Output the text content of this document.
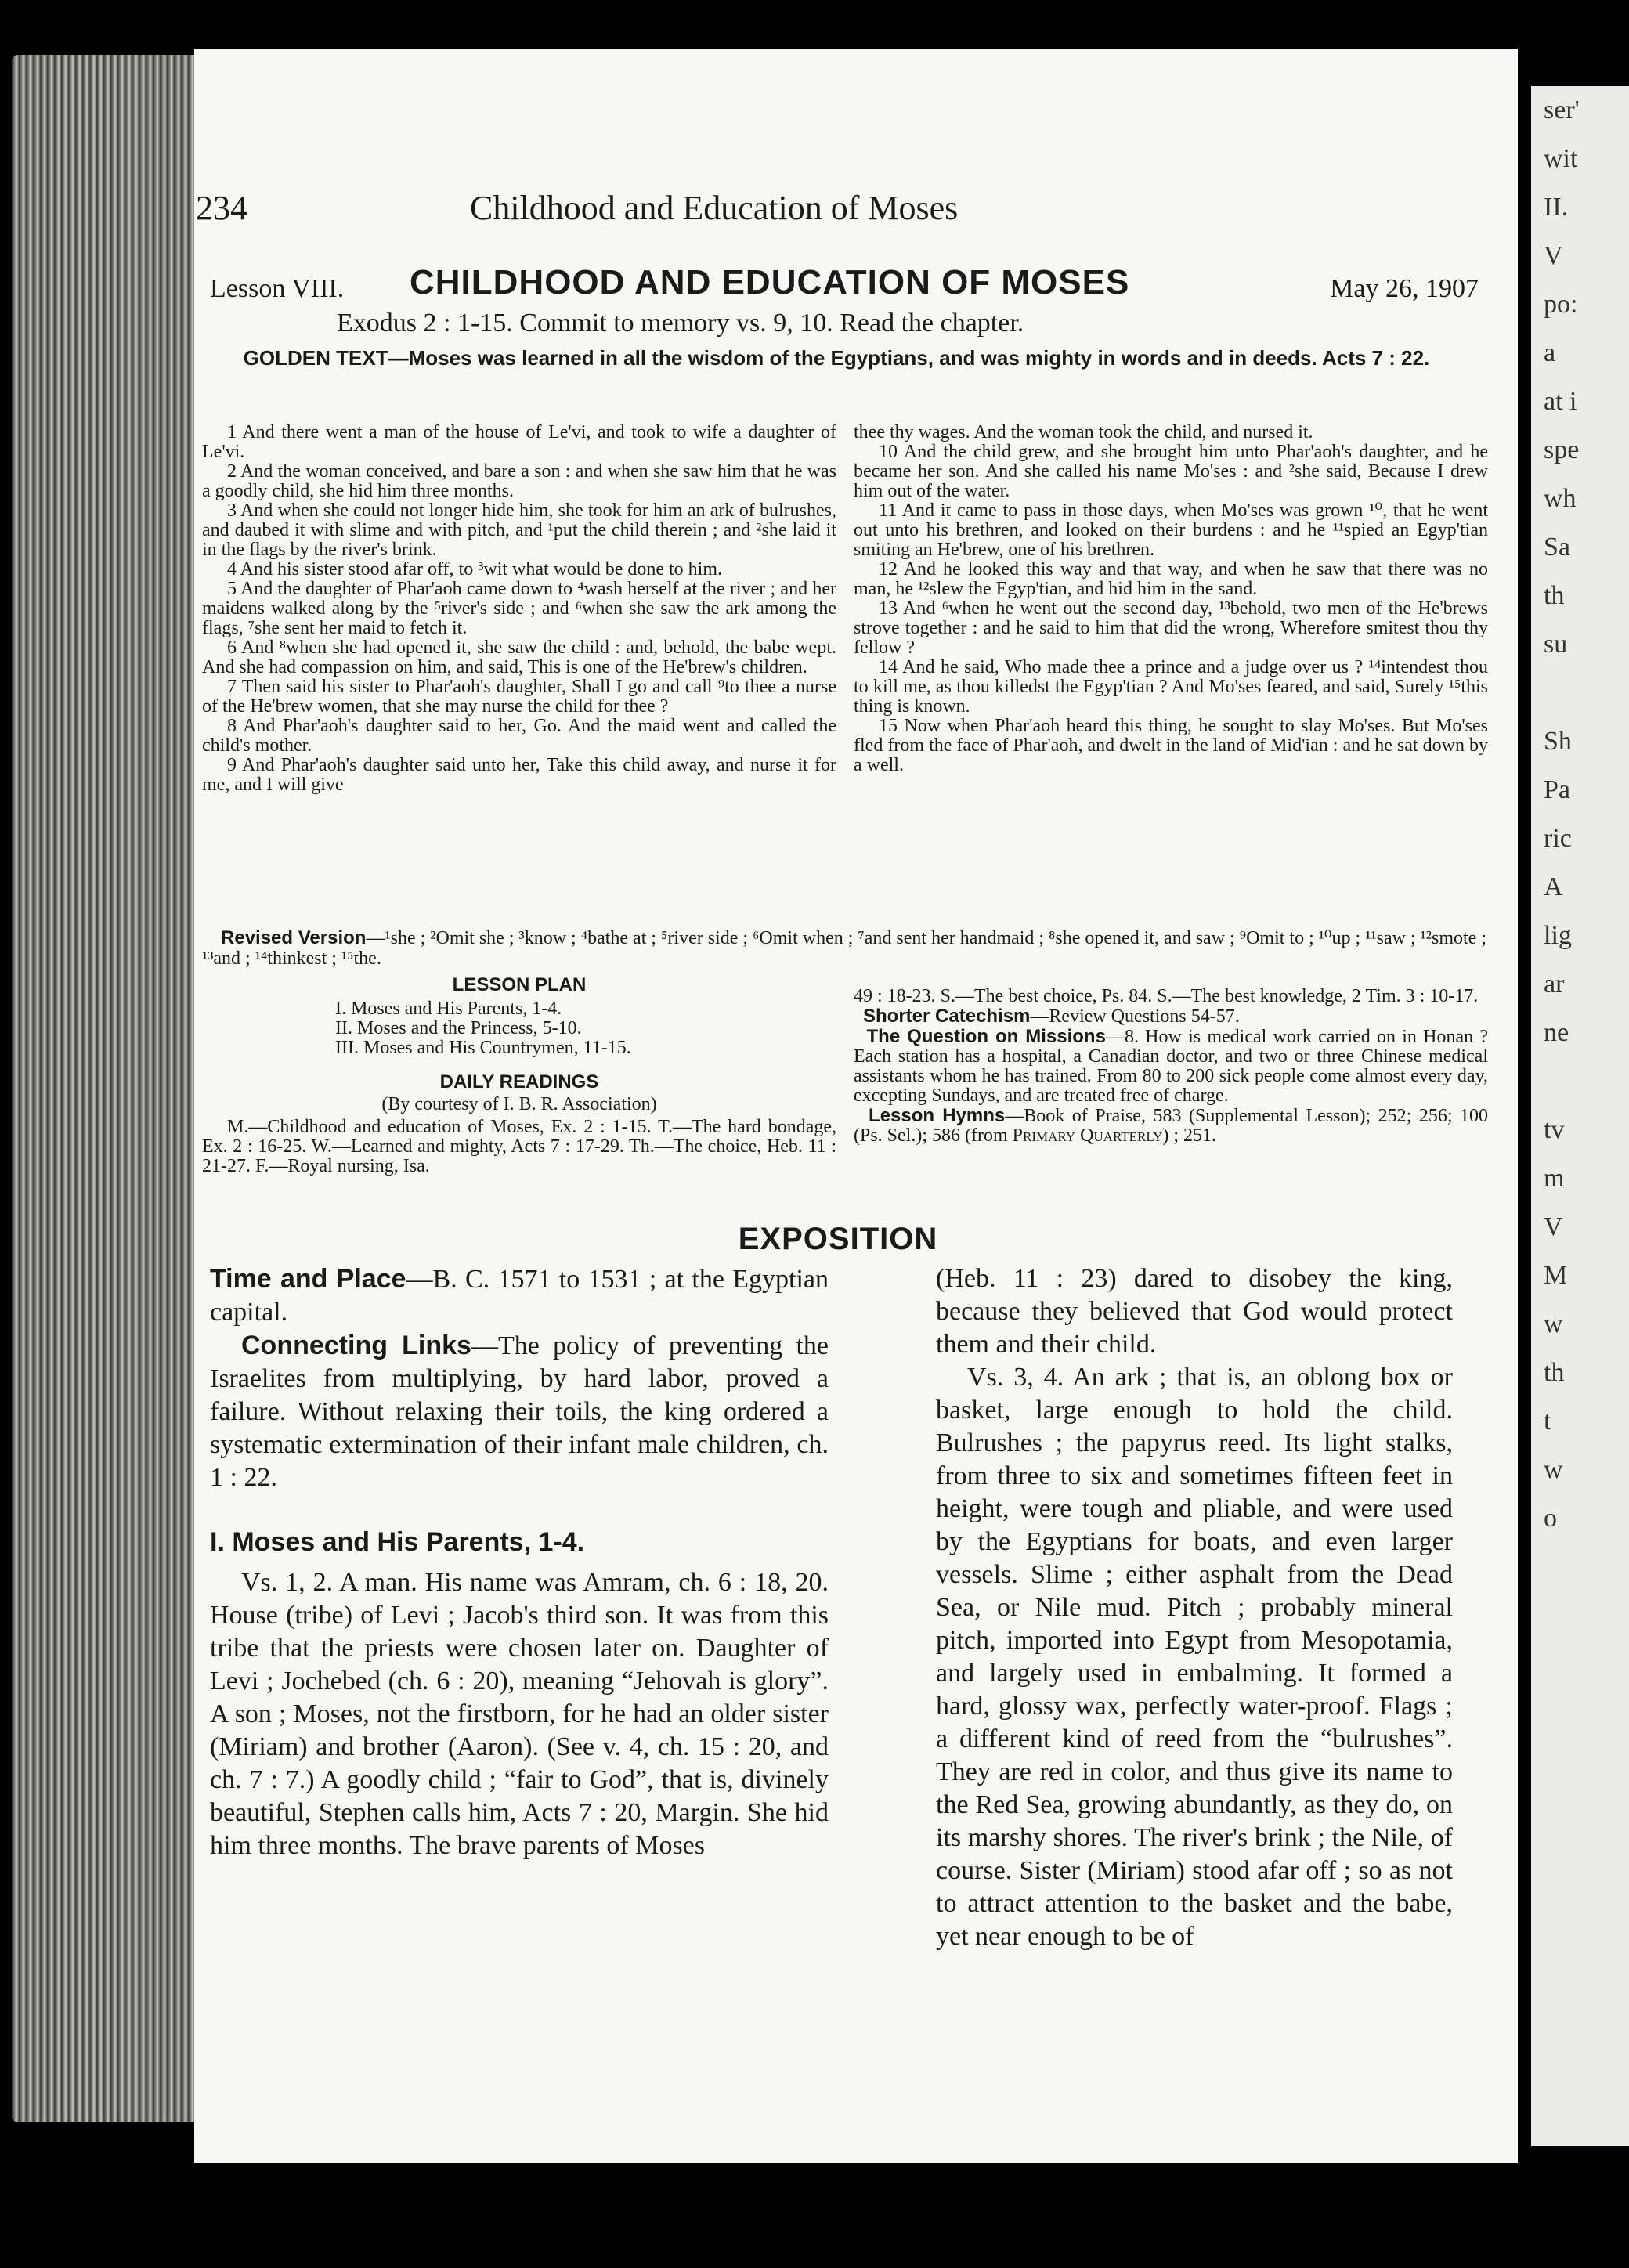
ser'
wit
II.
V
po:
a
at i
spe
wh
Sa
th
su

Sh
Pa
ric
A
lig
ar
ne

tv
m
V
M
w
th
t
w
o

234	Childhood and Education of Moses
Lesson VIII. CHILDHOOD AND EDUCATION OF MOSES	May 26, 1907
Exodus 2 : 1-15. Commit to memory vs. 9, 10. Read the chapter.
GOLDEN TEXT—Moses was learned in all the wisdom of the Egyptians, and was mighty in words and in deeds. Acts 7 : 22.

1 And there went a man of the house of Le'vi, and took to wife a daughter of Le'vi.

2 And the woman conceived, and bare a son : and when she saw him that he was a goodly child, she hid him three months.

3 And when she could not longer hide him, she took for him an ark of bulrushes, and daubed it with slime and with pitch, and ¹put the child therein ; and ²she laid it in the flags by the river's brink.

4 And his sister stood afar off, to ³wit what would be done to him.

5 And the daughter of Phar'aoh came down to ⁴wash herself at the river ; and her maidens walked along by the ⁵river's side ; and ⁶when she saw the ark among the flags, ⁷she sent her maid to fetch it.

6 And ⁸when she had opened it, she saw the child : and, behold, the babe wept. And she had compassion on him, and said, This is one of the He'brew's children.

7 Then said his sister to Phar'aoh's daughter, Shall I go and call ⁹to thee a nurse of the He'brew women, that she may nurse the child for thee ?

8 And Phar'aoh's daughter said to her, Go. And the maid went and called the child's mother.

9 And Phar'aoh's daughter said unto her, Take this child away, and nurse it for me, and I will give

thee thy wages. And the woman took the child, and nursed it.

10 And the child grew, and she brought him unto Phar'aoh's daughter, and he became her son. And she called his name Mo'ses : and ²she said, Because I drew him out of the water.

11 And it came to pass in those days, when Mo'ses was grown ¹⁰, that he went out unto his brethren, and looked on their burdens : and he ¹¹spied an Egyp'tian smiting an He'brew, one of his brethren.

12 And he looked this way and that way, and when he saw that there was no man, he ¹²slew the Egyp'tian, and hid him in the sand.

13 And ⁶when he went out the second day, ¹³behold, two men of the He'brews strove together : and he said to him that did the wrong, Wherefore smitest thou thy fellow ?

14 And he said, Who made thee a prince and a judge over us ? ¹⁴intendest thou to kill me, as thou killedst the Egyp'tian ? And Mo'ses feared, and said, Surely ¹⁵this thing is known.

15 Now when Phar'aoh heard this thing, he sought to slay Mo'ses. But Mo'ses fled from the face of Phar'aoh, and dwelt in the land of Mid'ian : and he sat down by a well.

Revised Version—¹she ; ²Omit she ; ³know ; ⁴bathe at ; ⁵river side ; ⁶Omit when ; ⁷and sent her handmaid ; ⁸she opened it, and saw ; ⁹Omit to ; ¹⁰up ; ¹¹saw ; ¹²smote ; ¹³and ; ¹⁴thinkest ; ¹⁵the.
LESSON PLAN
I. Moses and His Parents, 1-4.
II. Moses and the Princess, 5-10.
III. Moses and His Countrymen, 11-15.
DAILY READINGS
(By courtesy of I. B. R. Association)
M.—Childhood and education of Moses, Ex. 2 : 1-15. T.—The hard bondage, Ex. 2 : 16-25. W.—Learned and mighty, Acts 7 : 17-29. Th.—The choice, Heb. 11 : 21-27. F.—Royal nursing, Isa.

49 : 18-23. S.—The best choice, Ps. 84. S.—The best knowledge, 2 Tim. 3 : 10-17.

Shorter Catechism—Review Questions 54-57.

The Question on Missions—8. How is medical work carried on in Honan ? Each station has a hospital, a Canadian doctor, and two or three Chinese medical assistants whom he has trained. From 80 to 200 sick people come almost every day, excepting Sundays, and are treated free of charge.

Lesson Hymns—Book of Praise, 583 (Supplemental Lesson); 252; 256; 100 (Ps. Sel.); 586 (from Primary Quarterly) ; 251.

EXPOSITION

Time and Place—B. C. 1571 to 1531 ; at the Egyptian capital.

Connecting Links—The policy of preventing the Israelites from multiplying, by hard labor, proved a failure. Without relaxing their toils, the king ordered a systematic extermination of their infant male children, ch. 1 : 22.

I. Moses and His Parents, 1-4.

Vs. 1, 2. A man. His name was Amram, ch. 6 : 18, 20. House (tribe) of Levi ; Jacob's third son. It was from this tribe that the priests were chosen later on. Daughter of Levi ; Jochebed (ch. 6 : 20), meaning “Jehovah is glory”. A son ; Moses, not the firstborn, for he had an older sister (Miriam) and brother (Aaron). (See v. 4, ch. 15 : 20, and ch. 7 : 7.) A goodly child ; “fair to God”, that is, divinely beautiful, Stephen calls him, Acts 7 : 20, Margin. She hid him three months. The brave parents of Moses

(Heb. 11 : 23) dared to disobey the king, because they believed that God would protect them and their child.

Vs. 3, 4. An ark ; that is, an oblong box or basket, large enough to hold the child. Bulrushes ; the papyrus reed. Its light stalks, from three to six and sometimes fifteen feet in height, were tough and pliable, and were used by the Egyptians for boats, and even larger vessels. Slime ; either asphalt from the Dead Sea, or Nile mud. Pitch ; probably mineral pitch, imported into Egypt from Mesopotamia, and largely used in embalming. It formed a hard, glossy wax, perfectly water-proof. Flags ; a different kind of reed from the “bulrushes”. They are red in color, and thus give its name to the Red Sea, growing abundantly, as they do, on its marshy shores. The river's brink ; the Nile, of course. Sister (Miriam) stood afar off ; so as not to attract attention to the basket and the babe, yet near enough to be of
